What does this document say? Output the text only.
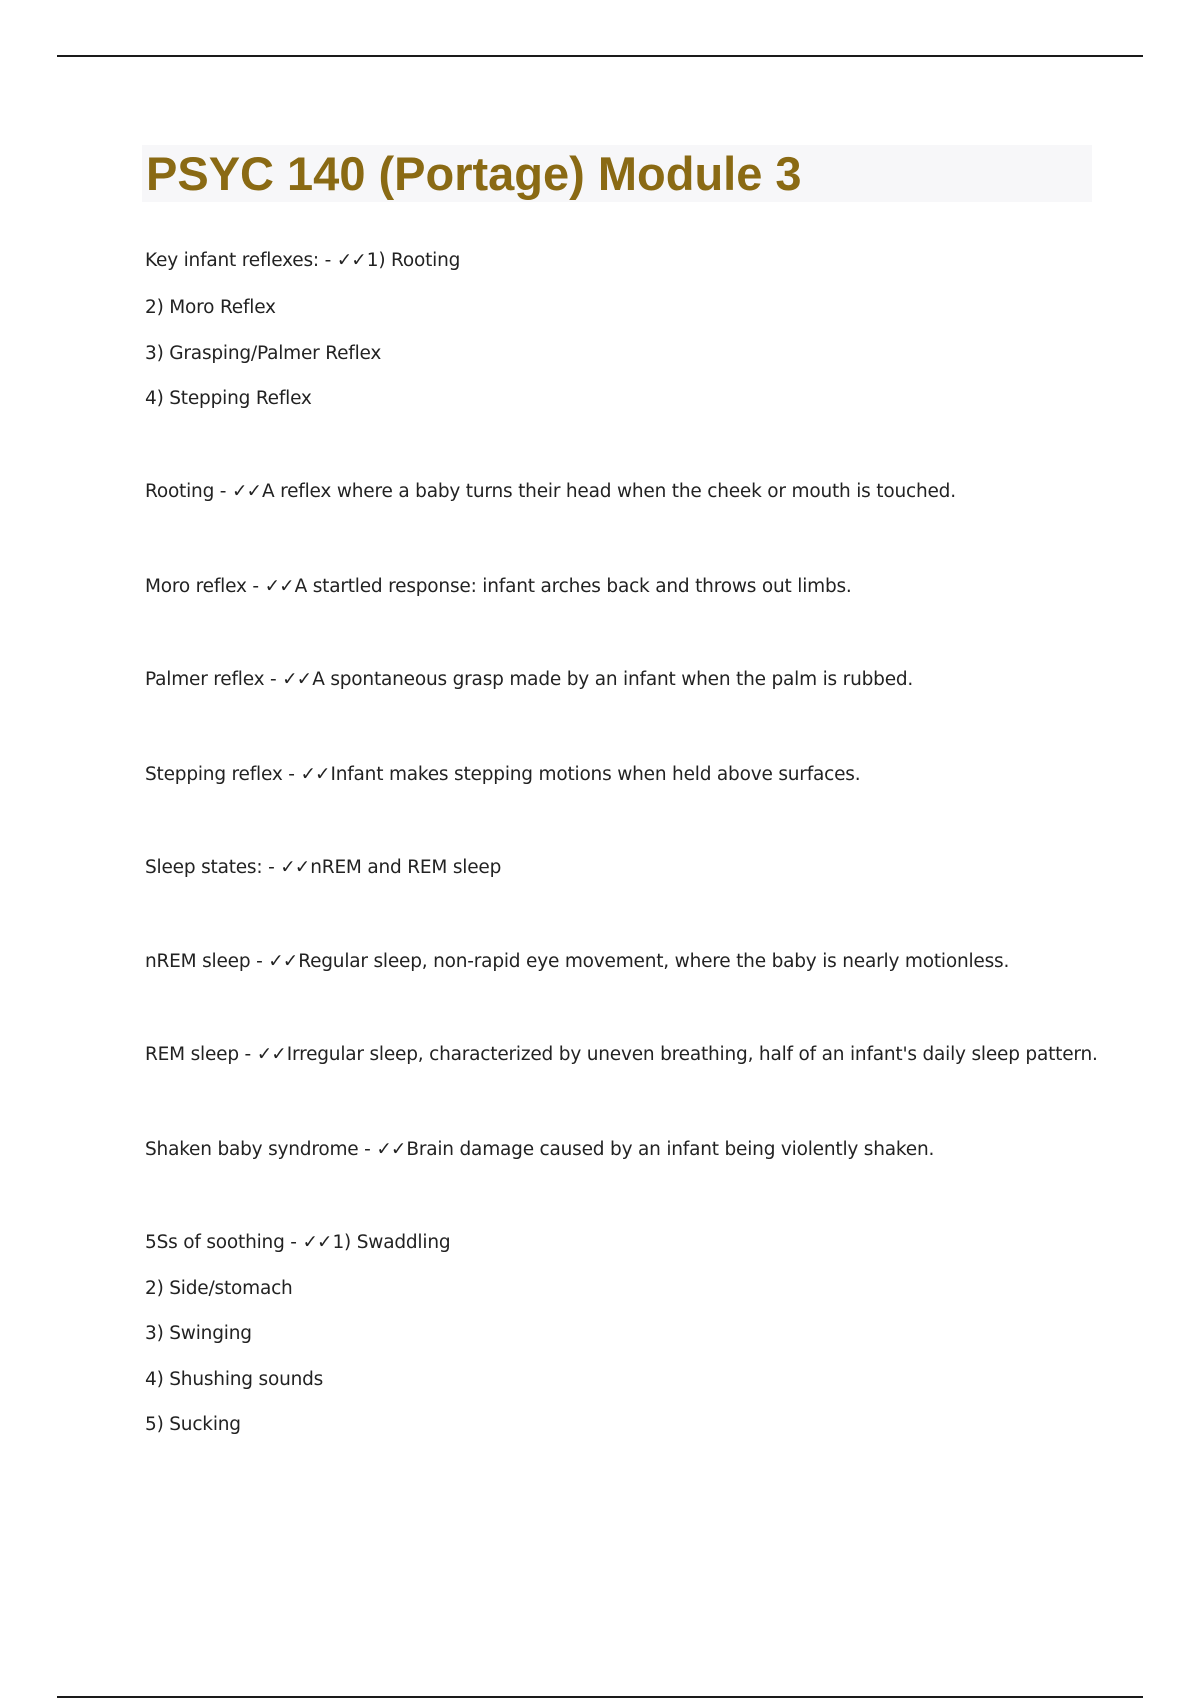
PSYC 140 (Portage) Module 3

Key infant reflexes: - ✓✓1) Rooting

2) Moro Reflex

3) Grasping/Palmer Reflex

4) Stepping Reflex

Rooting - ✓✓A reflex where a baby turns their head when the cheek or mouth is touched.

Moro reflex - ✓✓A startled response: infant arches back and throws out limbs.

Palmer reflex - ✓✓A spontaneous grasp made by an infant when the palm is rubbed.

Stepping reflex - ✓✓Infant makes stepping motions when held above surfaces.

Sleep states: - ✓✓nREM and REM sleep

nREM sleep - ✓✓Regular sleep, non-rapid eye movement, where the baby is nearly motionless.

REM sleep - ✓✓Irregular sleep, characterized by uneven breathing, half of an infant's daily sleep pattern.

Shaken baby syndrome - ✓✓Brain damage caused by an infant being violently shaken.

5Ss of soothing - ✓✓1) Swaddling

2) Side/stomach

3) Swinging

4) Shushing sounds

5) Sucking
